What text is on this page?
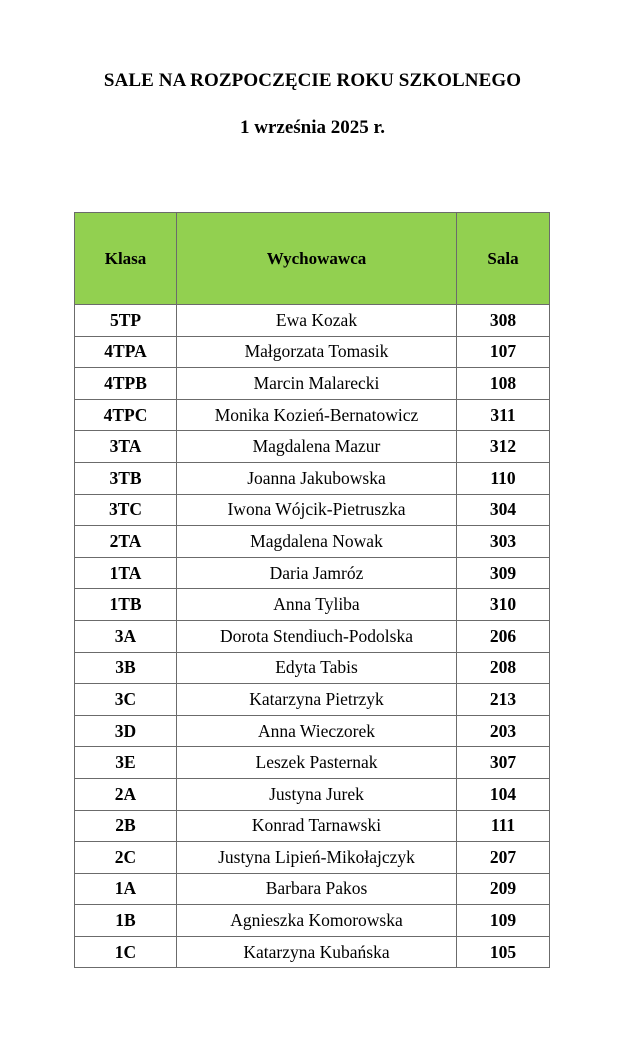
SALE NA ROZPOCZĘCIE ROKU SZKOLNEGO
1 września 2025 r.
Klasa	Wychowawca	Sala
5TP	Ewa Kozak	308
4TPA	Małgorzata Tomasik	107
4TPB	Marcin Malarecki	108
4TPC	Monika Kozień-Bernatowicz	311
3TA	Magdalena Mazur	312
3TB	Joanna Jakubowska	110
3TC	Iwona Wójcik-Pietruszka	304
2TA	Magdalena Nowak	303
1TA	Daria Jamróz	309
1TB	Anna Tyliba	310
3A	Dorota Stendiuch-Podolska	206
3B	Edyta Tabis	208
3C	Katarzyna Pietrzyk	213
3D	Anna Wieczorek	203
3E	Leszek Pasternak	307
2A	Justyna Jurek	104
2B	Konrad Tarnawski	111
2C	Justyna Lipień-Mikołajczyk	207
1A	Barbara Pakos	209
1B	Agnieszka Komorowska	109
1C	Katarzyna Kubańska	105
